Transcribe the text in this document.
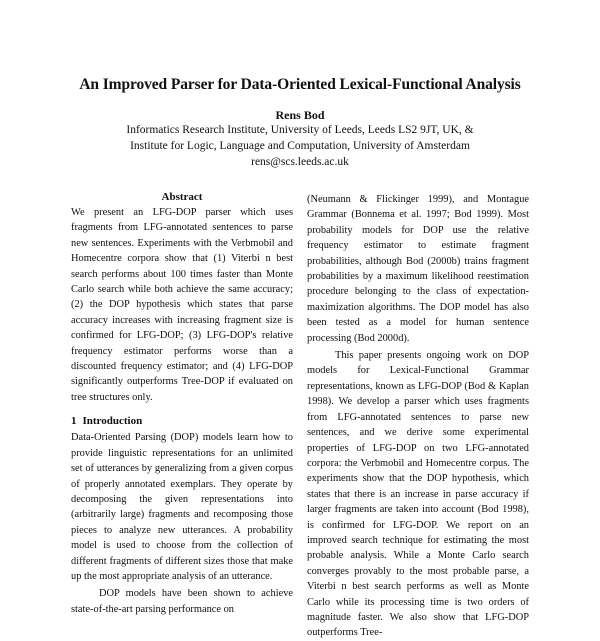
An Improved Parser for Data-Oriented Lexical-Functional Analysis
Rens Bod
Informatics Research Institute, University of Leeds, Leeds LS2 9JT, UK, &
Institute for Logic, Language and Computation, University of Amsterdam
rens@scs.leeds.ac.uk
Abstract

We present an LFG-DOP parser which uses fragments from LFG-annotated sentences to parse new sentences. Experiments with the Verbmobil and Homecentre corpora show that (1) Viterbi n best search performs about 100 times faster than Monte Carlo search while both achieve the same accuracy; (2) the DOP hypothesis which states that parse accuracy increases with increasing fragment size is confirmed for LFG-DOP; (3) LFG-DOP's relative frequency estimator performs worse than a discounted frequency estimator; and (4) LFG-DOP significantly outperforms Tree-DOP if evaluated on tree structures only.

1 Introduction

Data-Oriented Parsing (DOP) models learn how to provide linguistic representations for an unlimited set of utterances by generalizing from a given corpus of properly annotated exemplars. They operate by decomposing the given representations into (arbitrarily large) fragments and recomposing those pieces to analyze new utterances. A probability model is used to choose from the collection of different fragments of different sizes those that make up the most appropriate analysis of an utterance.

DOP models have been shown to achieve state-of-the-art parsing performance on

(Neumann & Flickinger 1999), and Montague Grammar (Bonnema et al. 1997; Bod 1999). Most probability models for DOP use the relative frequency estimator to estimate fragment probabilities, although Bod (2000b) trains fragment probabilities by a maximum likelihood reestimation procedure belonging to the class of expectation-maximization algorithms. The DOP model has also been tested as a model for human sentence processing (Bod 2000d).

This paper presents ongoing work on DOP models for Lexical-Functional Grammar representations, known as LFG-DOP (Bod & Kaplan 1998). We develop a parser which uses fragments from LFG-annotated sentences to parse new sentences, and we derive some experimental properties of LFG-DOP on two LFG-annotated corpora: the Verbmobil and Homecentre corpus. The experiments show that the DOP hypothesis, which states that there is an increase in parse accuracy if larger fragments are taken into account (Bod 1998), is confirmed for LFG-DOP. We report on an improved search technique for estimating the most probable analysis. While a Monte Carlo search converges provably to the most probable parse, a Viterbi n best search performs as well as Monte Carlo while its processing time is two orders of magnitude faster. We also show that LFG-DOP outperforms Tree-
